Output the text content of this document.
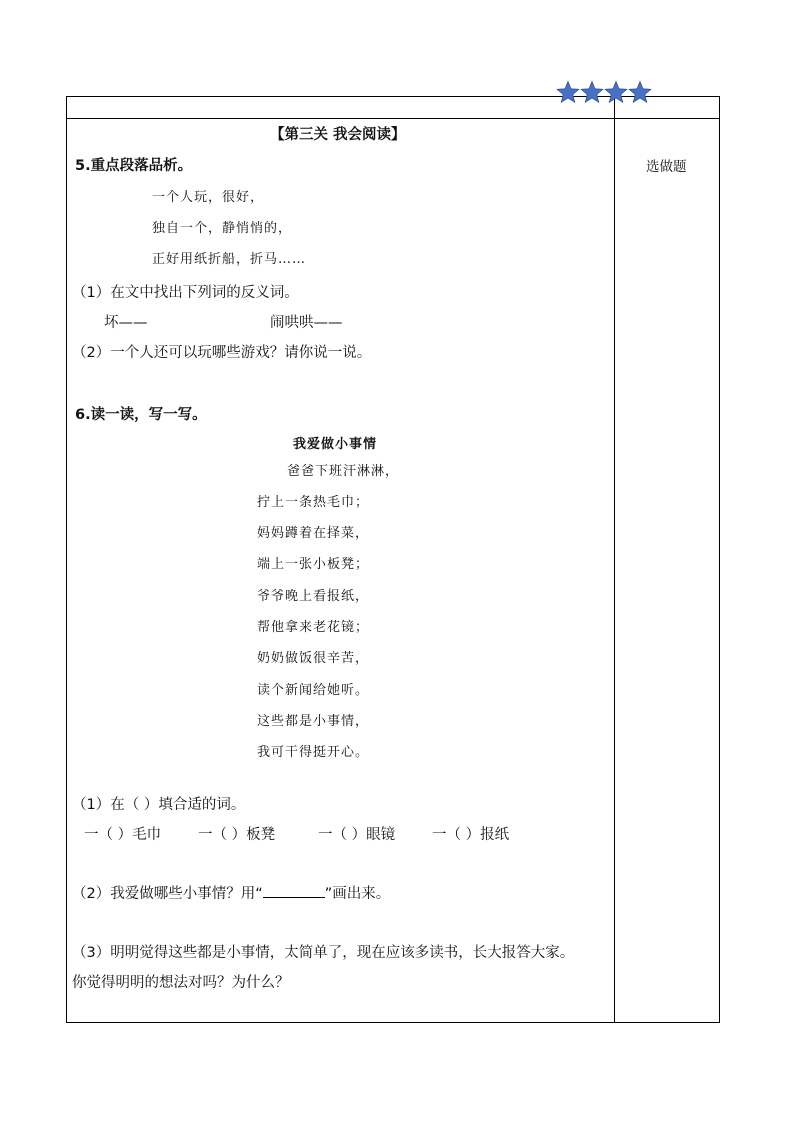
【第三关 我会阅读】
选做题
5.重点段落品析。
一个人玩，很好，
独自一个，静悄悄的，
正好用纸折船，折马……
（1）在文中找出下列词的反义词。
坏——	闹哄哄——
（2）一个人还可以玩哪些游戏？请你说一说。
6.读一读，写一写。
我爱做小事情
爸爸下班汗淋淋，
拧上一条热毛巾；
妈妈蹲着在择菜，
端上一张小板凳；
爷爷晚上看报纸，
帮他拿来老花镜；
奶奶做饭很辛苦，
读个新闻给她听。
这些都是小事情，
我可干得挺开心。
（1）在（ ）填合适的词。
一（ ）毛巾	一（ ）板凳	一（ ）眼镜	一（ ）报纸
（2）我爱做哪些小事情？用“	”画出来。
（3）明明觉得这些都是小事情，太简单了，现在应该多读书，长大报答大家。
你觉得明明的想法对吗？为什么？
